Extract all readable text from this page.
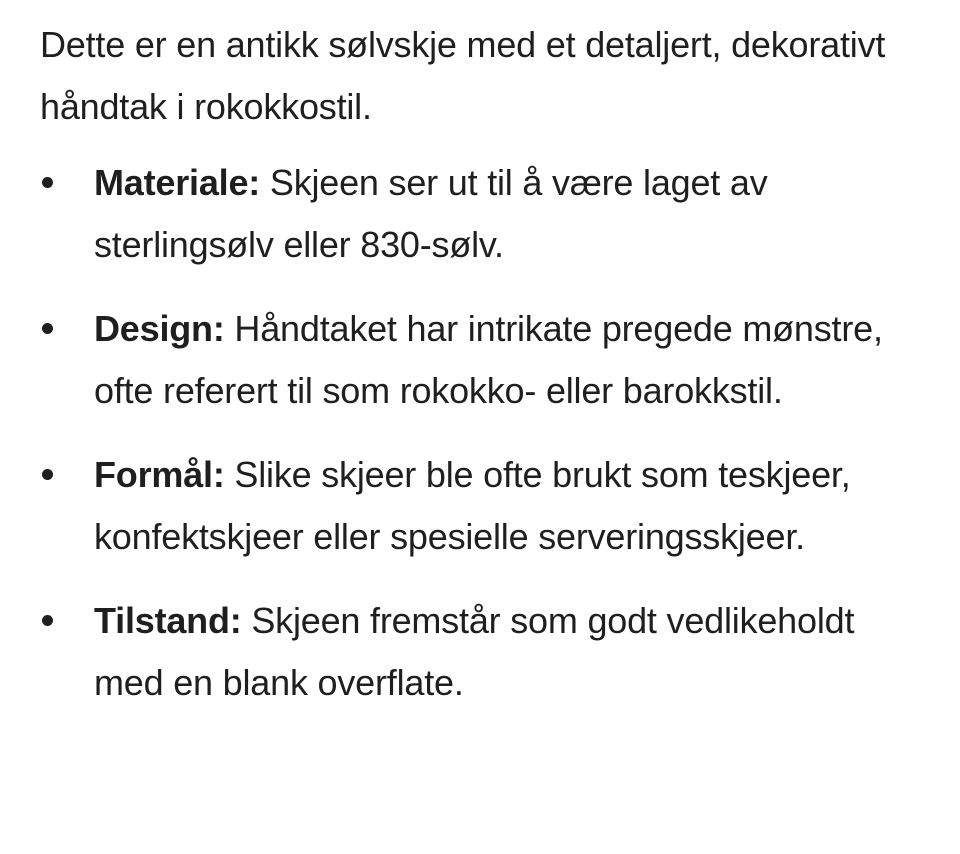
Dette er en antikk sølvskje med et detaljert, dekorativt håndtak i rokokkostil.

Materiale: Skjeen ser ut til å være laget av sterlingsølv eller 830-sølv.
Design: Håndtaket har intrikate pregede mønstre, ofte referert til som rokokko- eller barokkstil.
Formål: Slike skjeer ble ofte brukt som teskjeer, konfektskjeer eller spesielle serveringsskjeer.
Tilstand: Skjeen fremstår som godt vedlikeholdt med en blank overflate.
